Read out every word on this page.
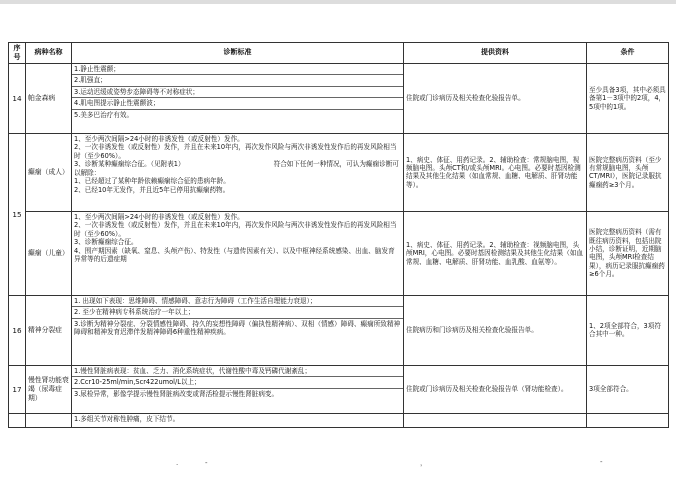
序号	病种名称	诊断标准	提供资料	条件
14	帕金森病	1.静止性震颤；
2.肌强直；
3.运动迟缓或姿势步态障碍等不对称症状；
4.肌电图提示静止性震颤波；
5.美多巴治疗有效。	住院或门诊病历及相关检查化验报告单。	至少具备3项，其中必须具备第1－3项中的2项，4，5项中的1项。
15	癫痫（成人）	1、至少两次间隔>24小时的非诱发性（或反射性）发作。
2、一次非诱发性（或反射性）发作，并且在未来10年内，再次发作风险与两次非诱发性发作后的再发风险相当时（至少60%）。
3、诊断某种癫痫综合征。（见附表1）　　　　　　　　　　　　　　符合如下任何一种情况，可认为癫痫诊断可以解除：
1、已经超过了某种年龄依赖癫痫综合征的患病年龄。
2、已经10年无发作，并且近5年已停用抗癫痫药物。	1、病史、体征、用药记录。2、辅助检查：常规脑电图，视频脑电图。头颅CT和/或头颅MRI。心电图。必要时基因检测结果及其他生化结果（如血常规、血糖、电解质、肝肾功能等）。	医院完整病历资料（至少有常规脑电图，头颅CT/MRI），医院记录服抗癫痫药≥3个月。
	癫痫（儿童）	1、至少两次间隔>24小时的非诱发性（或反射性）发作。
2、一次非诱发性（或反射性）发作，并且在未来10年内，再次发作风险与两次非诱发性发作后的再发风险相当时（至少60%）。
3、诊断癫痫综合征。
4、围产期因素（缺氧、窒息、头颅产伤）、特发性（与遗传因素有关）、以及中枢神经系统感染、出血、脑发育异常等的后遗症期	1、病史、体征、用药记录。2、辅助检查：视频脑电图，头颅MRI，心电图。必要时基因检测结果及其他生化结果（如血常规、血糖、电解质、肝肾功能、血乳酸、血氨等）。	医院完整病历资料（需有既往病历资料，包括出院小结，诊断证明，近期脑电图，头颅MRI检查结果），病历记录服抗癫痫药≥6个月。
16	精神分裂症	1. 出现如下表现：思维障碍、情感障碍、意志行为障碍（工作生活自理能力衰退）；
2. 至少在精神病专科系统治疗一年以上；
3.诊断为精神分裂症、分裂情感性障碍、持久的妄想性障碍（偏执性精神病）、双相（情感）障碍、癫痫所致精神障碍和精神发育迟滞伴发精神障碍6种重性精神疾病。	住院病历和门诊病历及相关检查化验报告单。	1、2项全部符合，3项符合其中一种。
17	慢性肾功能衰竭（尿毒症期）	1.慢性肾脏病表现：贫血、乏力、消化系统症状，代谢性酸中毒及钙磷代谢紊乱；
2.Ccr10-25ml/min,Scr422umol/L以上；
3.尿检异常，影像学提示慢性肾脏病改变或肾活检提示慢性肾脏病变。	住院或门诊病历及相关检查化验报告单（肾功能检查）。	3项全部符合。

		1.多组关节对称性肿痛，皮下结节。		

.	-	，	-
